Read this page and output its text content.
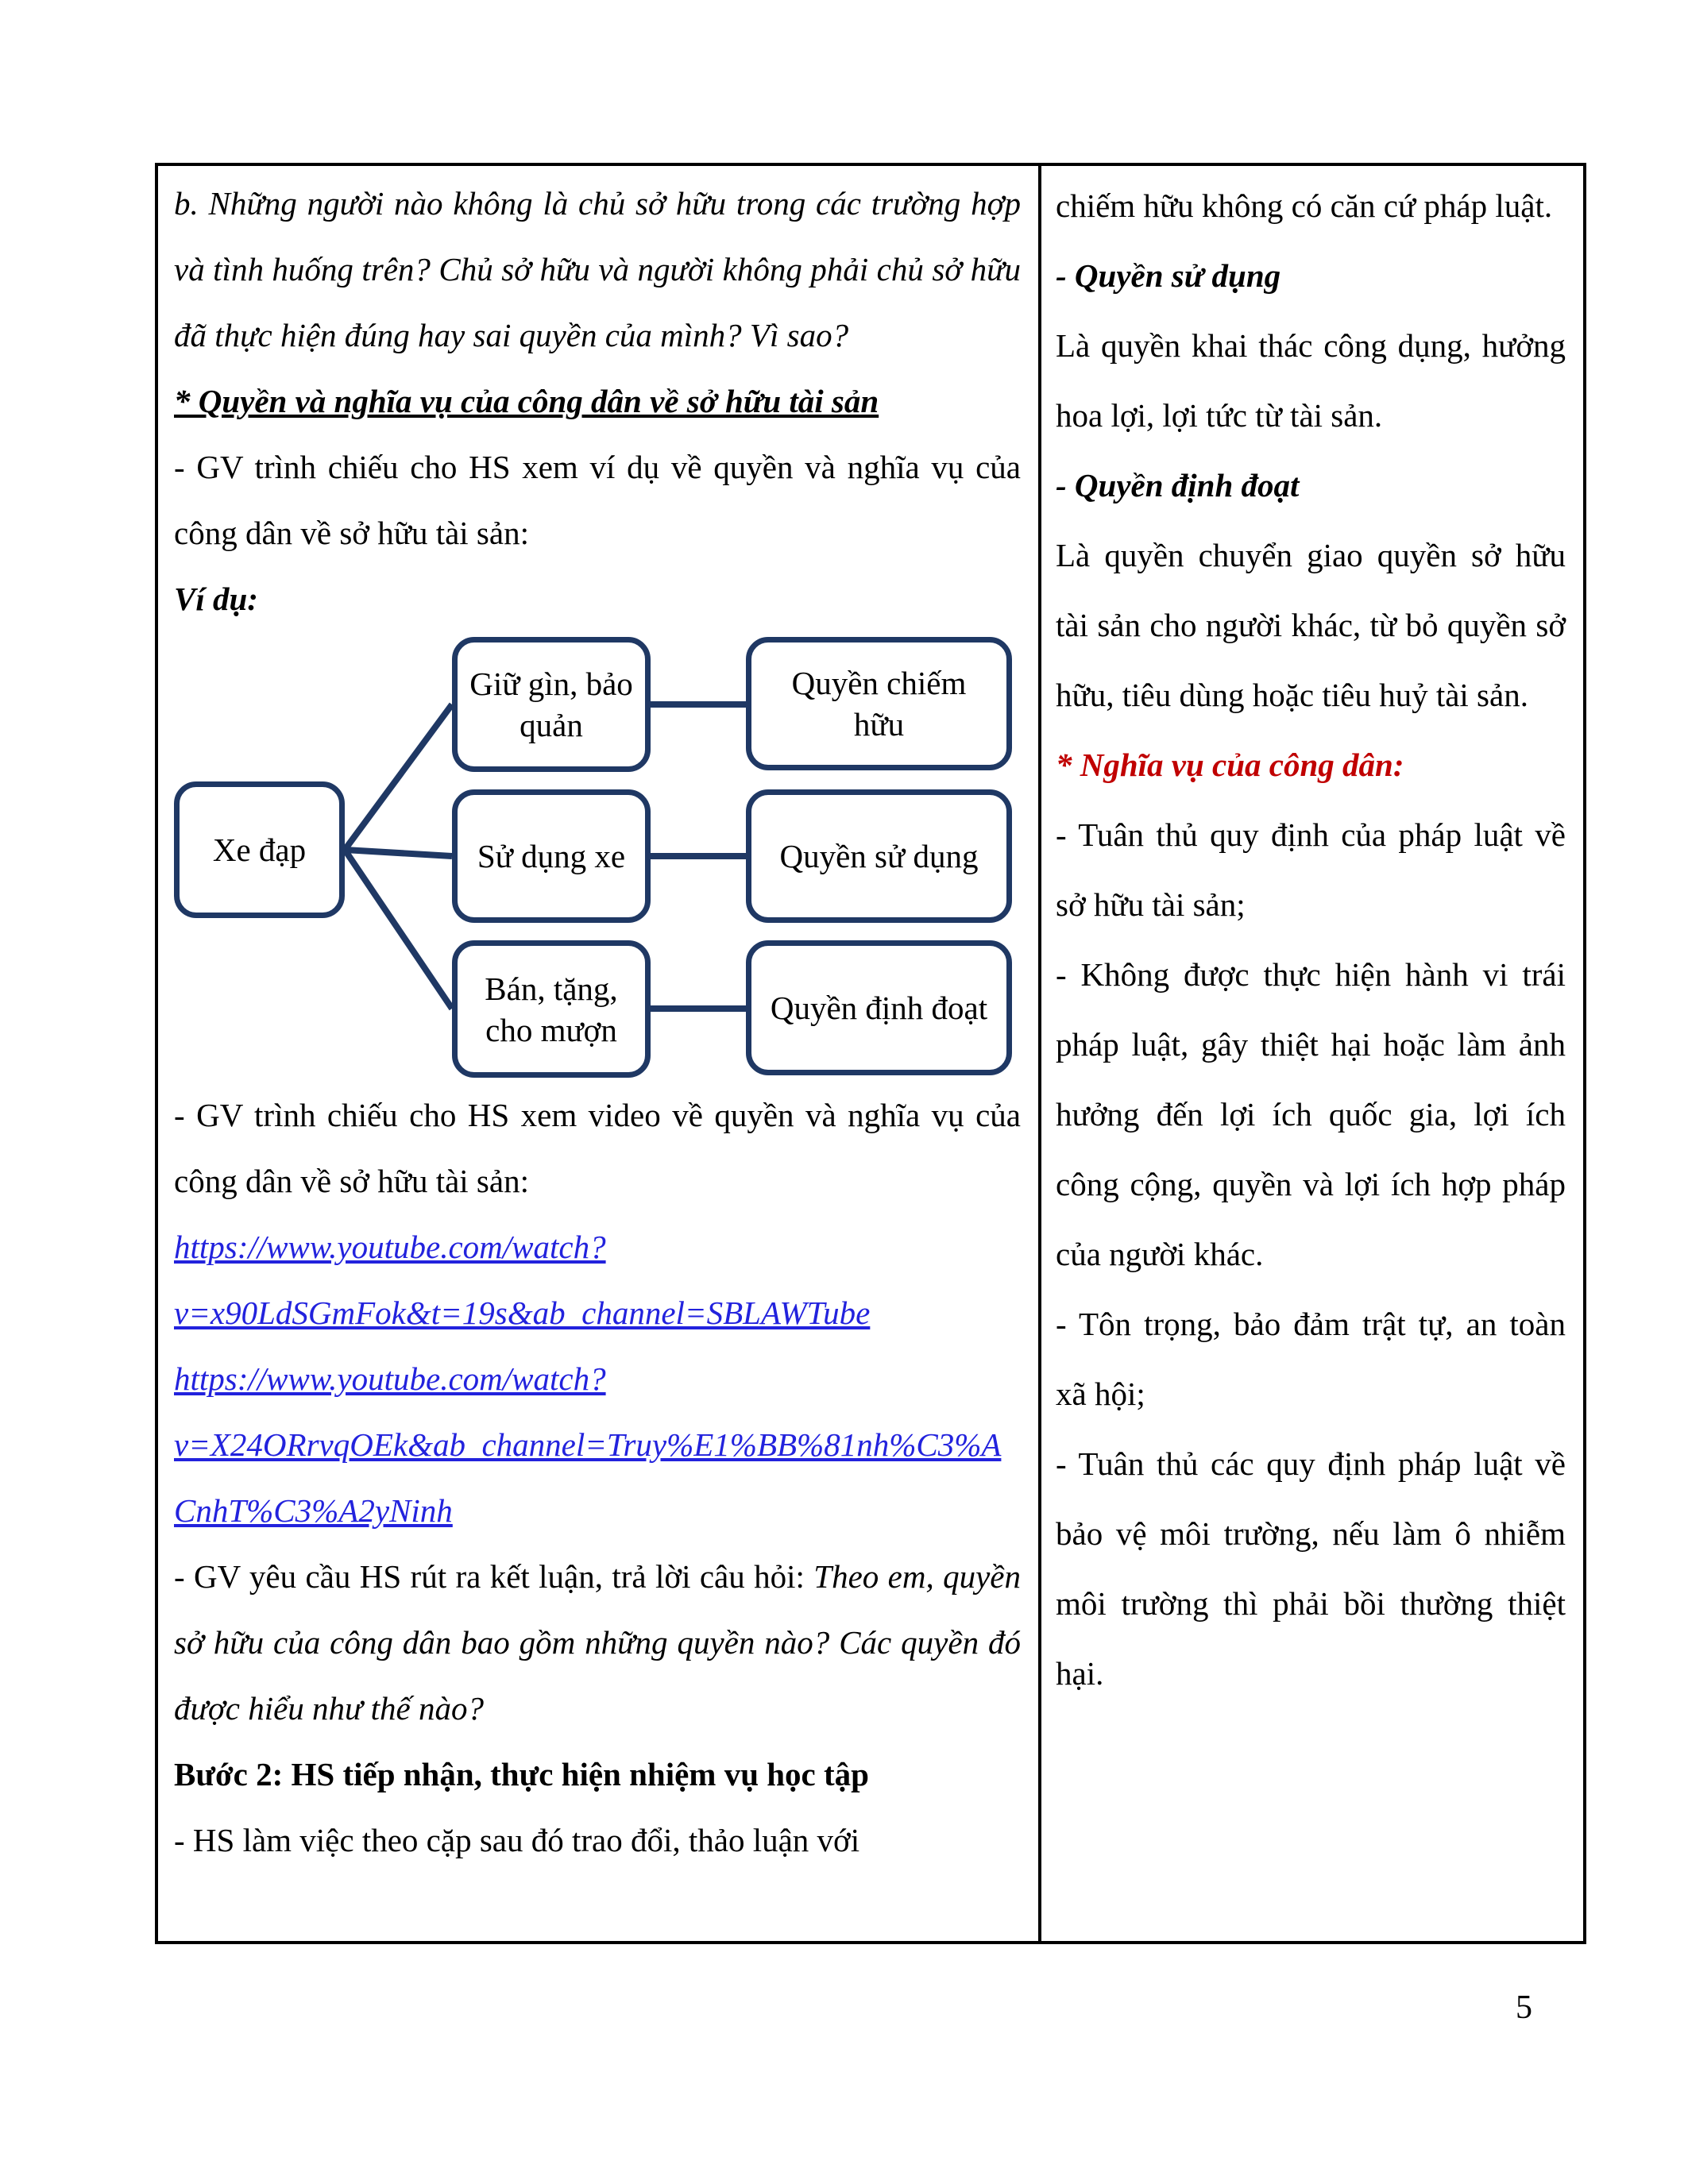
b. Những người nào không là chủ sở hữu trong các trường hợp và tình huống trên? Chủ sở hữu và người không phải chủ sở hữu đã thực hiện đúng hay sai quyền của mình? Vì sao?

* Quyền và nghĩa vụ của công dân về sở hữu tài sản

- GV trình chiếu cho HS xem ví dụ về quyền và nghĩa vụ của công dân về sở hữu tài sản:

Ví dụ:

Xe đạp
Giữ gìn, bảo quản
Sử dụng xe
Bán, tặng, cho mượn
Quyền chiếm hữu
Quyền sử dụng
Quyền định đoạt

- GV trình chiếu cho HS xem video về quyền và nghĩa vụ của công dân về sở hữu tài sản:

https://www.youtube.com/watch?v=x90LdSGmFok&t=19s&ab_channel=SBLAWTube

https://www.youtube.com/watch?v=X24ORrvqOEk&ab_channel=Truy%E1%BB%81nh%C3%ACnhT%C3%A2yNinh

- GV yêu cầu HS rút ra kết luận, trả lời câu hỏi: Theo em, quyền sở hữu của công dân bao gồm những quyền nào? Các quyền đó được hiểu như thế nào?

Bước 2: HS tiếp nhận, thực hiện nhiệm vụ học tập

- HS làm việc theo cặp sau đó trao đổi, thảo luận với

chiếm hữu không có căn cứ pháp luật.

- Quyền sử dụng

Là quyền khai thác công dụng, hưởng hoa lợi, lợi tức từ tài sản.

- Quyền định đoạt

Là quyền chuyển giao quyền sở hữu tài sản cho người khác, từ bỏ quyền sở hữu, tiêu dùng hoặc tiêu huỷ tài sản.

* Nghĩa vụ của công dân:

- Tuân thủ quy định của pháp luật về sở hữu tài sản;

- Không được thực hiện hành vi trái pháp luật, gây thiệt hại hoặc làm ảnh hưởng đến lợi ích quốc gia, lợi ích công cộng, quyền và lợi ích hợp pháp của người khác.

- Tôn trọng, bảo đảm trật tự, an toàn xã hội;

- Tuân thủ các quy định pháp luật về bảo vệ môi trường, nếu làm ô nhiễm môi trường thì phải bồi thường thiệt hại.

5
